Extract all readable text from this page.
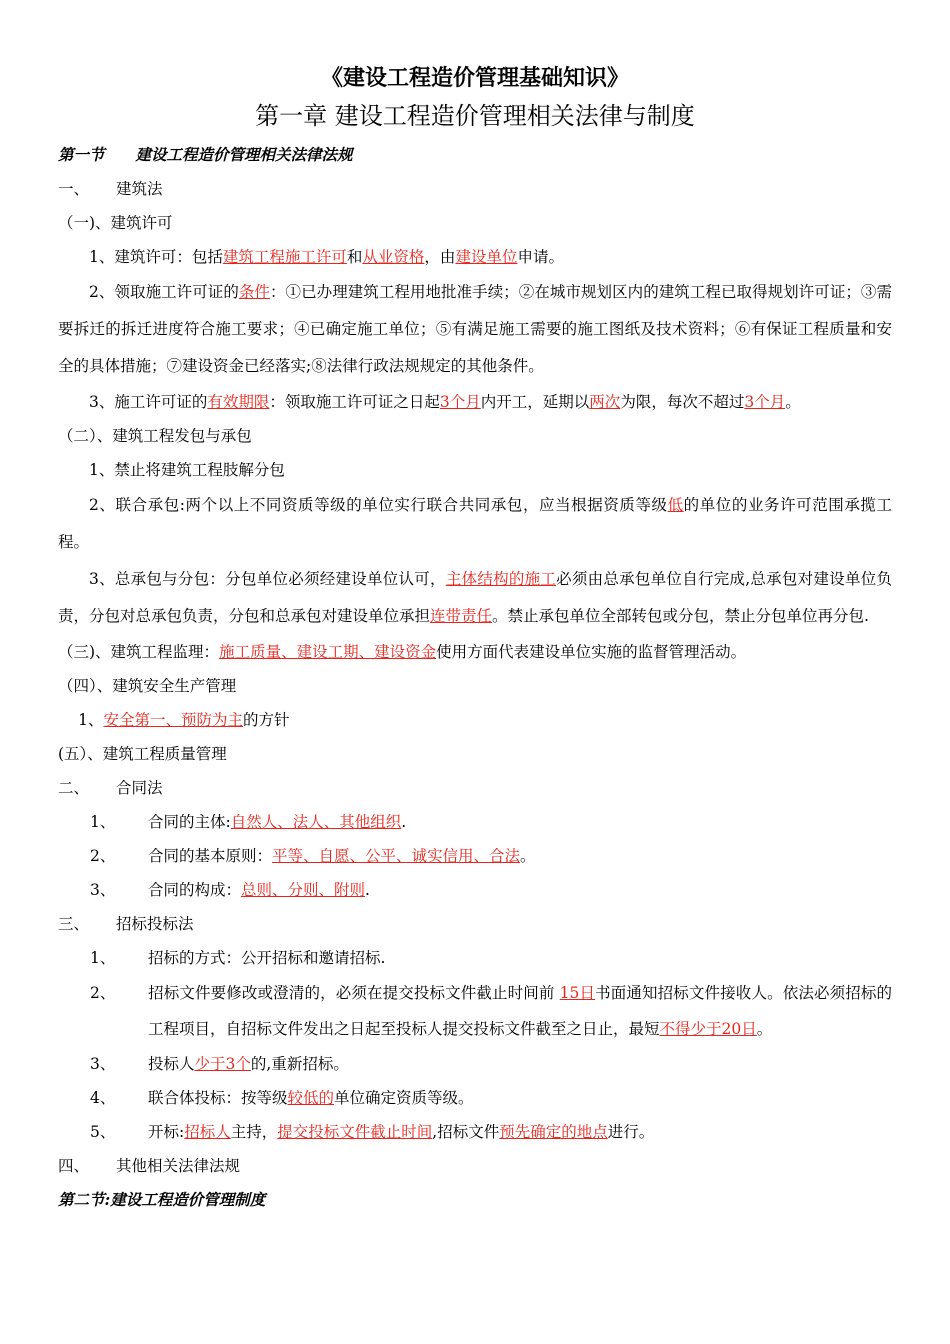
《建设工程造价管理基础知识》
第一章 建设工程造价管理相关法律与制度
第一节　　建设工程造价管理相关法律法规
一、 建筑法
（一)、建筑许可
1、建筑许可：包括建筑工程施工许可和从业资格，由建设单位申请。
2、领取施工许可证的条件：①已办理建筑工程用地批准手续；②在城市规划区内的建筑工程已取得规划许可证；③需要拆迁的拆迁进度符合施工要求；④已确定施工单位；⑤有满足施工需要的施工图纸及技术资料；⑥有保证工程质量和安全的具体措施；⑦建设资金已经落实;⑧法律行政法规规定的其他条件。
3、施工许可证的有效期限：领取施工许可证之日起3个月内开工，延期以两次为限，每次不超过3个月。
（二）、建筑工程发包与承包
1、禁止将建筑工程肢解分包
2、联合承包:两个以上不同资质等级的单位实行联合共同承包，应当根据资质等级低的单位的业务许可范围承揽工程。
3、总承包与分包：分包单位必须经建设单位认可，主体结构的施工必须由总承包单位自行完成,总承包对建设单位负责，分包对总承包负责，分包和总承包对建设单位承担连带责任。禁止承包单位全部转包或分包，禁止分包单位再分包.
（三)、建筑工程监理：施工质量、建设工期、建设资金使用方面代表建设单位实施的监督管理活动。
（四）、建筑安全生产管理
1、安全第一、预防为主的方针
(五）、建筑工程质量管理
二、 合同法
1、 合同的主体:自然人、法人、其他组织.
2、 合同的基本原则：平等、自愿、公平、诚实信用、合法。
3、 合同的构成：总则、分则、附则.
三、 招标投标法
1、 招标的方式：公开招标和邀请招标.
2、 招标文件要修改或澄清的，必须在提交投标文件截止时间前 15日书面通知招标文件接收人。依法必须招标的工程项目，自招标文件发出之日起至投标人提交投标文件截至之日止，最短不得少于20日。
3、 投标人少于3个的,重新招标。
4、 联合体投标：按等级较低的单位确定资质等级。
5、 开标:招标人主持，提交投标文件截止时间,招标文件预先确定的地点进行。
四、 其他相关法律法规
第二节:建设工程造价管理制度
